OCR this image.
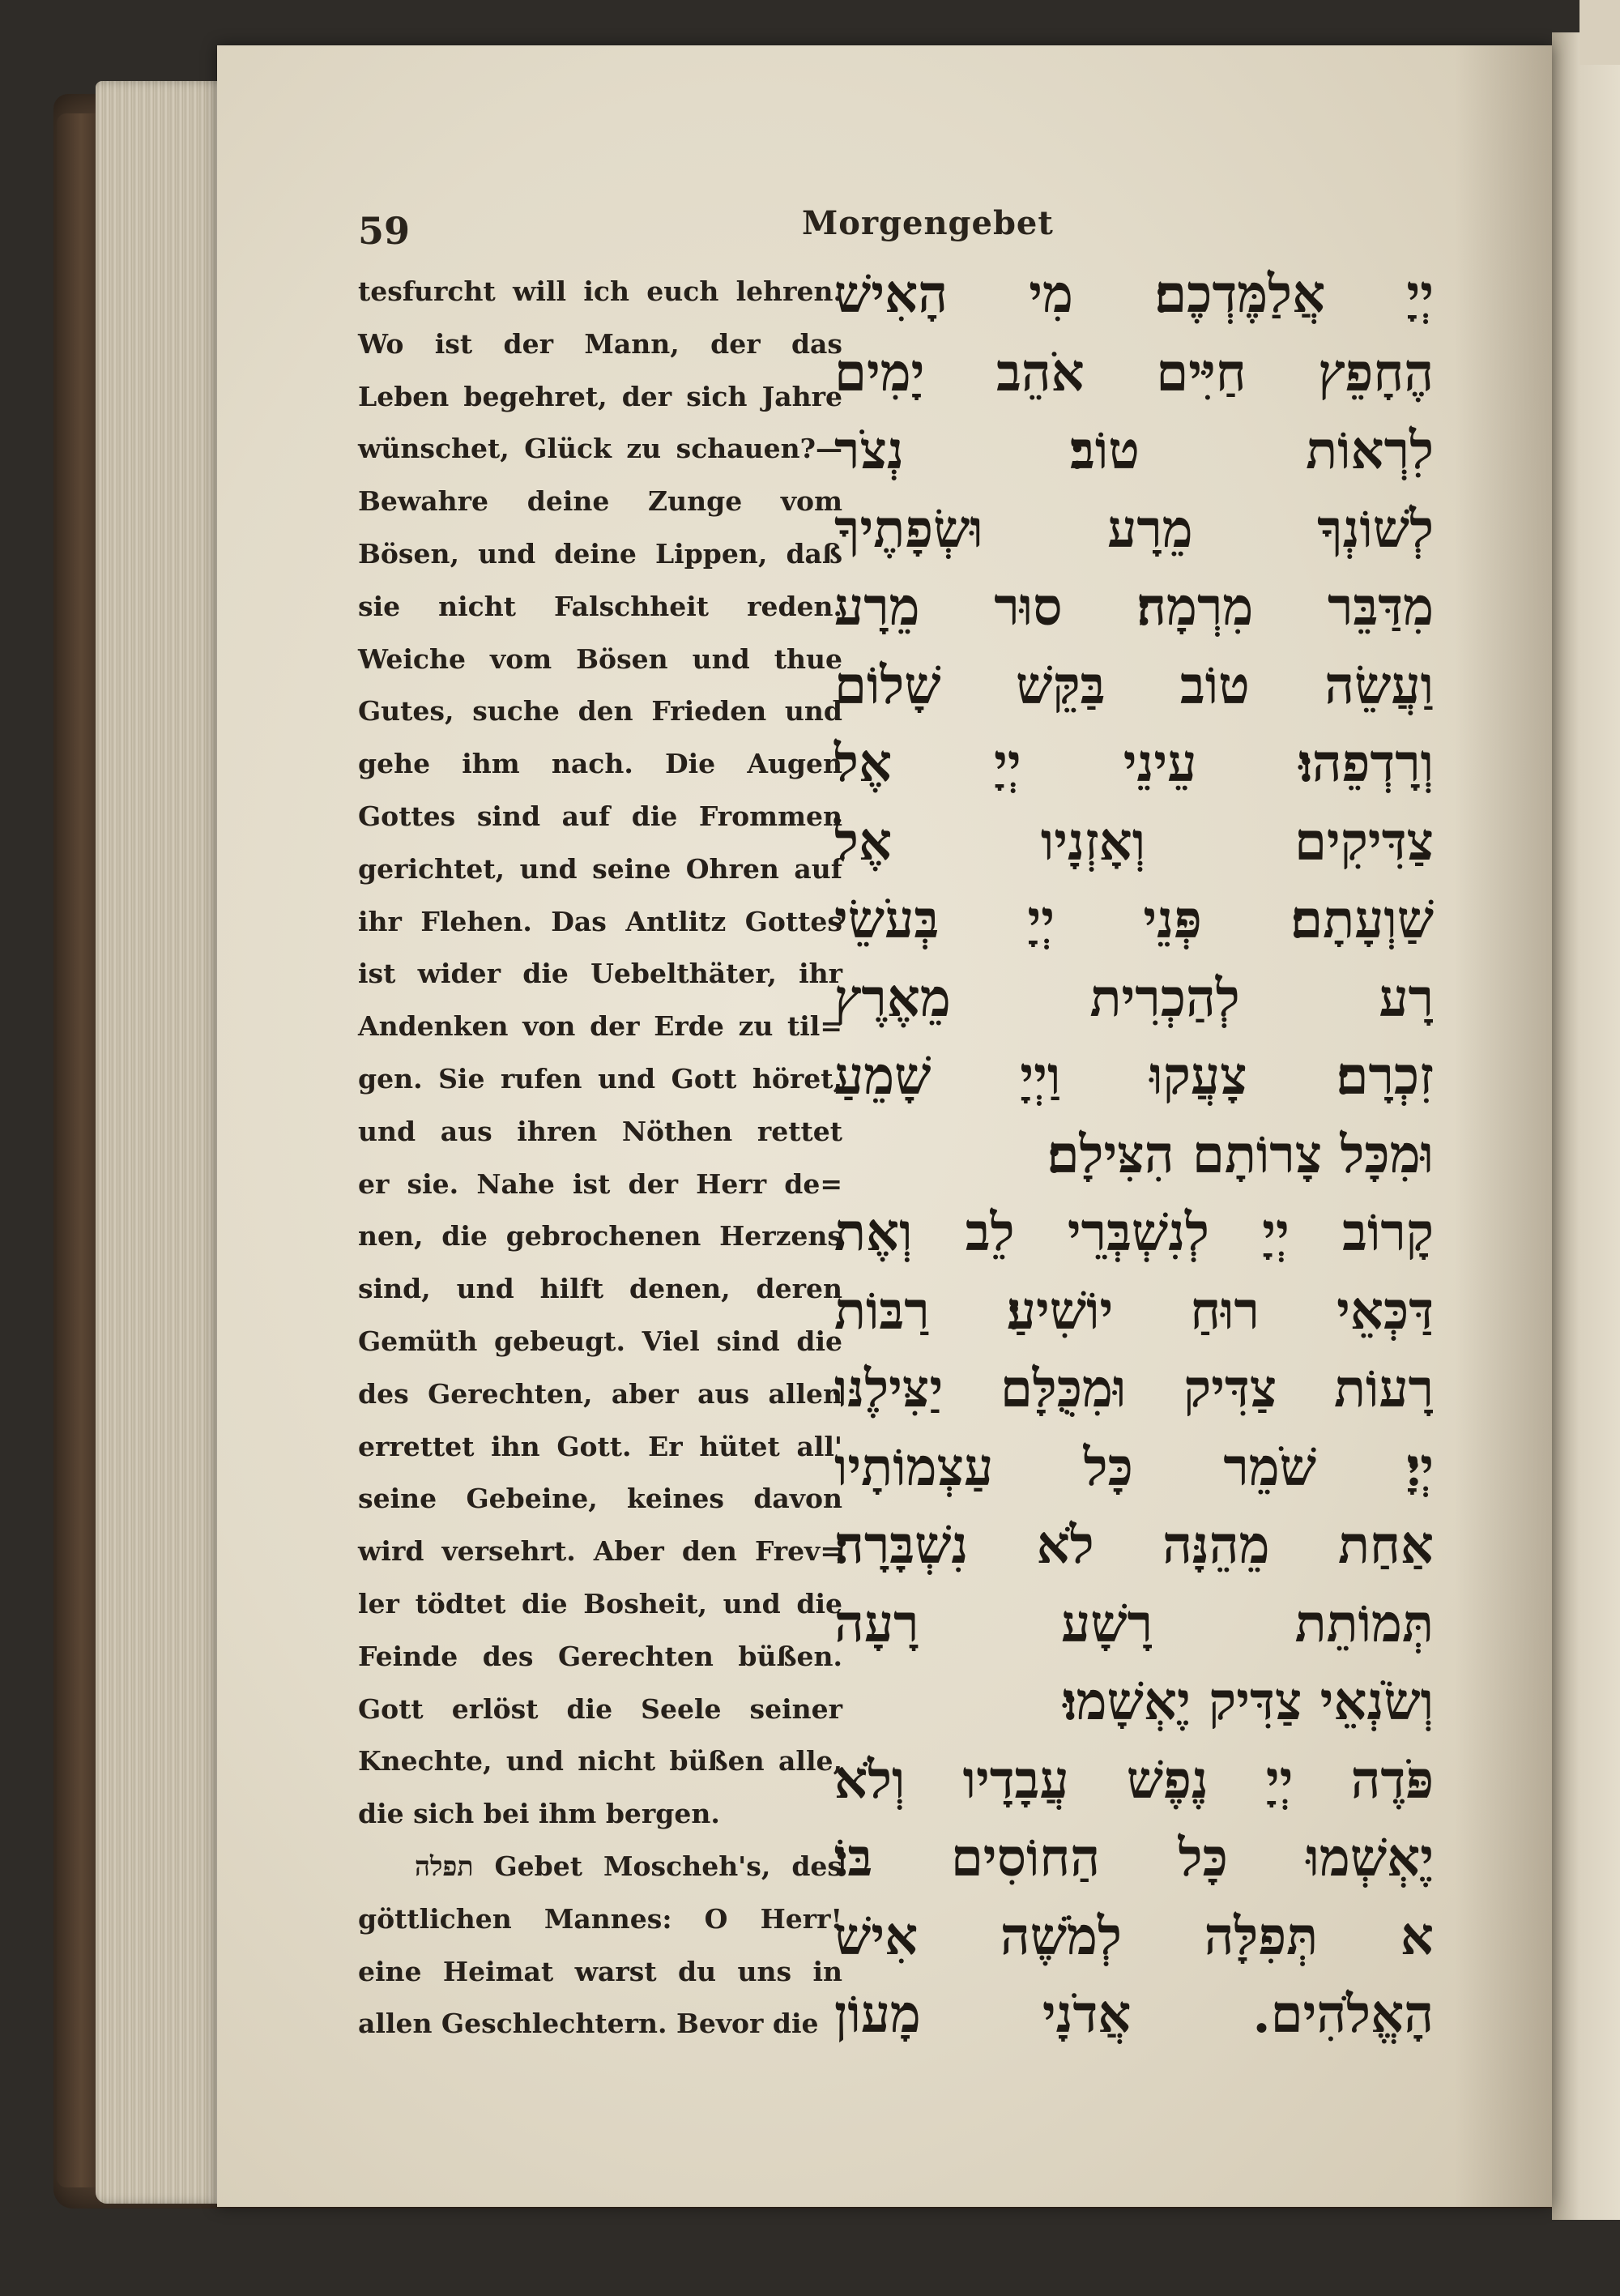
59	Morgengebet
tesfurcht will ich euch lehren.
Wo ist der Mann, der das
Leben begehret, der sich Jahre
wünschet, Glück zu schauen?—
Bewahre deine Zunge vom
Bösen, und deine Lippen, daß
sie nicht Falschheit reden.
Weiche vom Bösen und thue
Gutes, suche den Frieden und
gehe ihm nach. Die Augen
Gottes sind auf die Frommen
gerichtet, und seine Ohren auf
ihr Flehen. Das Antlitz Gottes
ist wider die Uebelthäter, ihr
Andenken von der Erde zu til=
gen. Sie rufen und Gott höret,
und aus ihren Nöthen rettet
er sie. Nahe ist der Herr de=
nen, die gebrochenen Herzens
sind, und hilft denen, deren
Gemüth gebeugt. Viel sind die
des Gerechten, aber aus allen
errettet ihn Gott. Er hütet all'
seine Gebeine, keines davon
wird versehrt. Aber den Frev=
ler tödtet die Bosheit, und die
Feinde des Gerechten büßen.
Gott erlöst die Seele seiner
Knechte, und nicht büßen alle,
die sich bei ihm bergen.
תפלה Gebet Moscheh's, des
göttlichen Mannes: O Herr!
eine Heimat warst du uns in
allen Geschlechtern. Bevor die
יְיָ אֲלַמֶּדְכֶם׃ מִי הָאִישׁ
הֶחָפֵץ חַיִּים אֹהֵב יָמִים
לִרְאוֹת טוֹב׃ נְצֹר
לְשׁוֹנְךָ מֵרָע וּשְׂפָתֶיךָ
מִדַּבֵּר מִרְמָה׃ סוּר מֵרָע
וַעֲשֵׂה טוֹב בַּקֵּשׁ שָׁלוֹם
וְרָדְפֵהוּ׃ עֵינֵי יְיָ אֶל
צַדִּיקִים וְאָזְנָיו אֶל
שַׁוְעָתָם׃ פְּנֵי יְיָ בְּעֹשֵׂי
רָע לְהַכְרִית מֵאֶרֶץ
זִכְרָם׃ צָעֲקוּ וַיְיָ שָׁמֵעַ
וּמִכָּל צָרוֹתָם הִצִּילָם׃
קָרוֹב יְיָ לְנִשְׁבְּרֵי לֵב וְאֶת
דַּכְּאֵי רוּחַ יוֹשִׁיעַ׃ רַבּוֹת
רָעוֹת צַדִּיק וּמִכֻּלָּם יַצִּילֶנּוּ
יְיָ׃ שֹׁמֵר כָּל עַצְמוֹתָיו
אַחַת מֵהֵנָּה לֹא נִשְׁבָּרָה׃
תְּמוֹתֵת רָשָׁע רָעָה
וְשֹׂנְאֵי צַדִּיק יֶאְשָׁמוּ׃
פֹּדֶה יְיָ נֶפֶשׁ עֲבָדָיו וְלֹא
יֶאְשְׁמוּ כָּל הַחוֹסִים בּוֹ׃
א תְּפִלָּה לְמֹשֶׁה אִישׁ
הָאֱלֹהִים. אֲדֹנָי מָעוֹן
